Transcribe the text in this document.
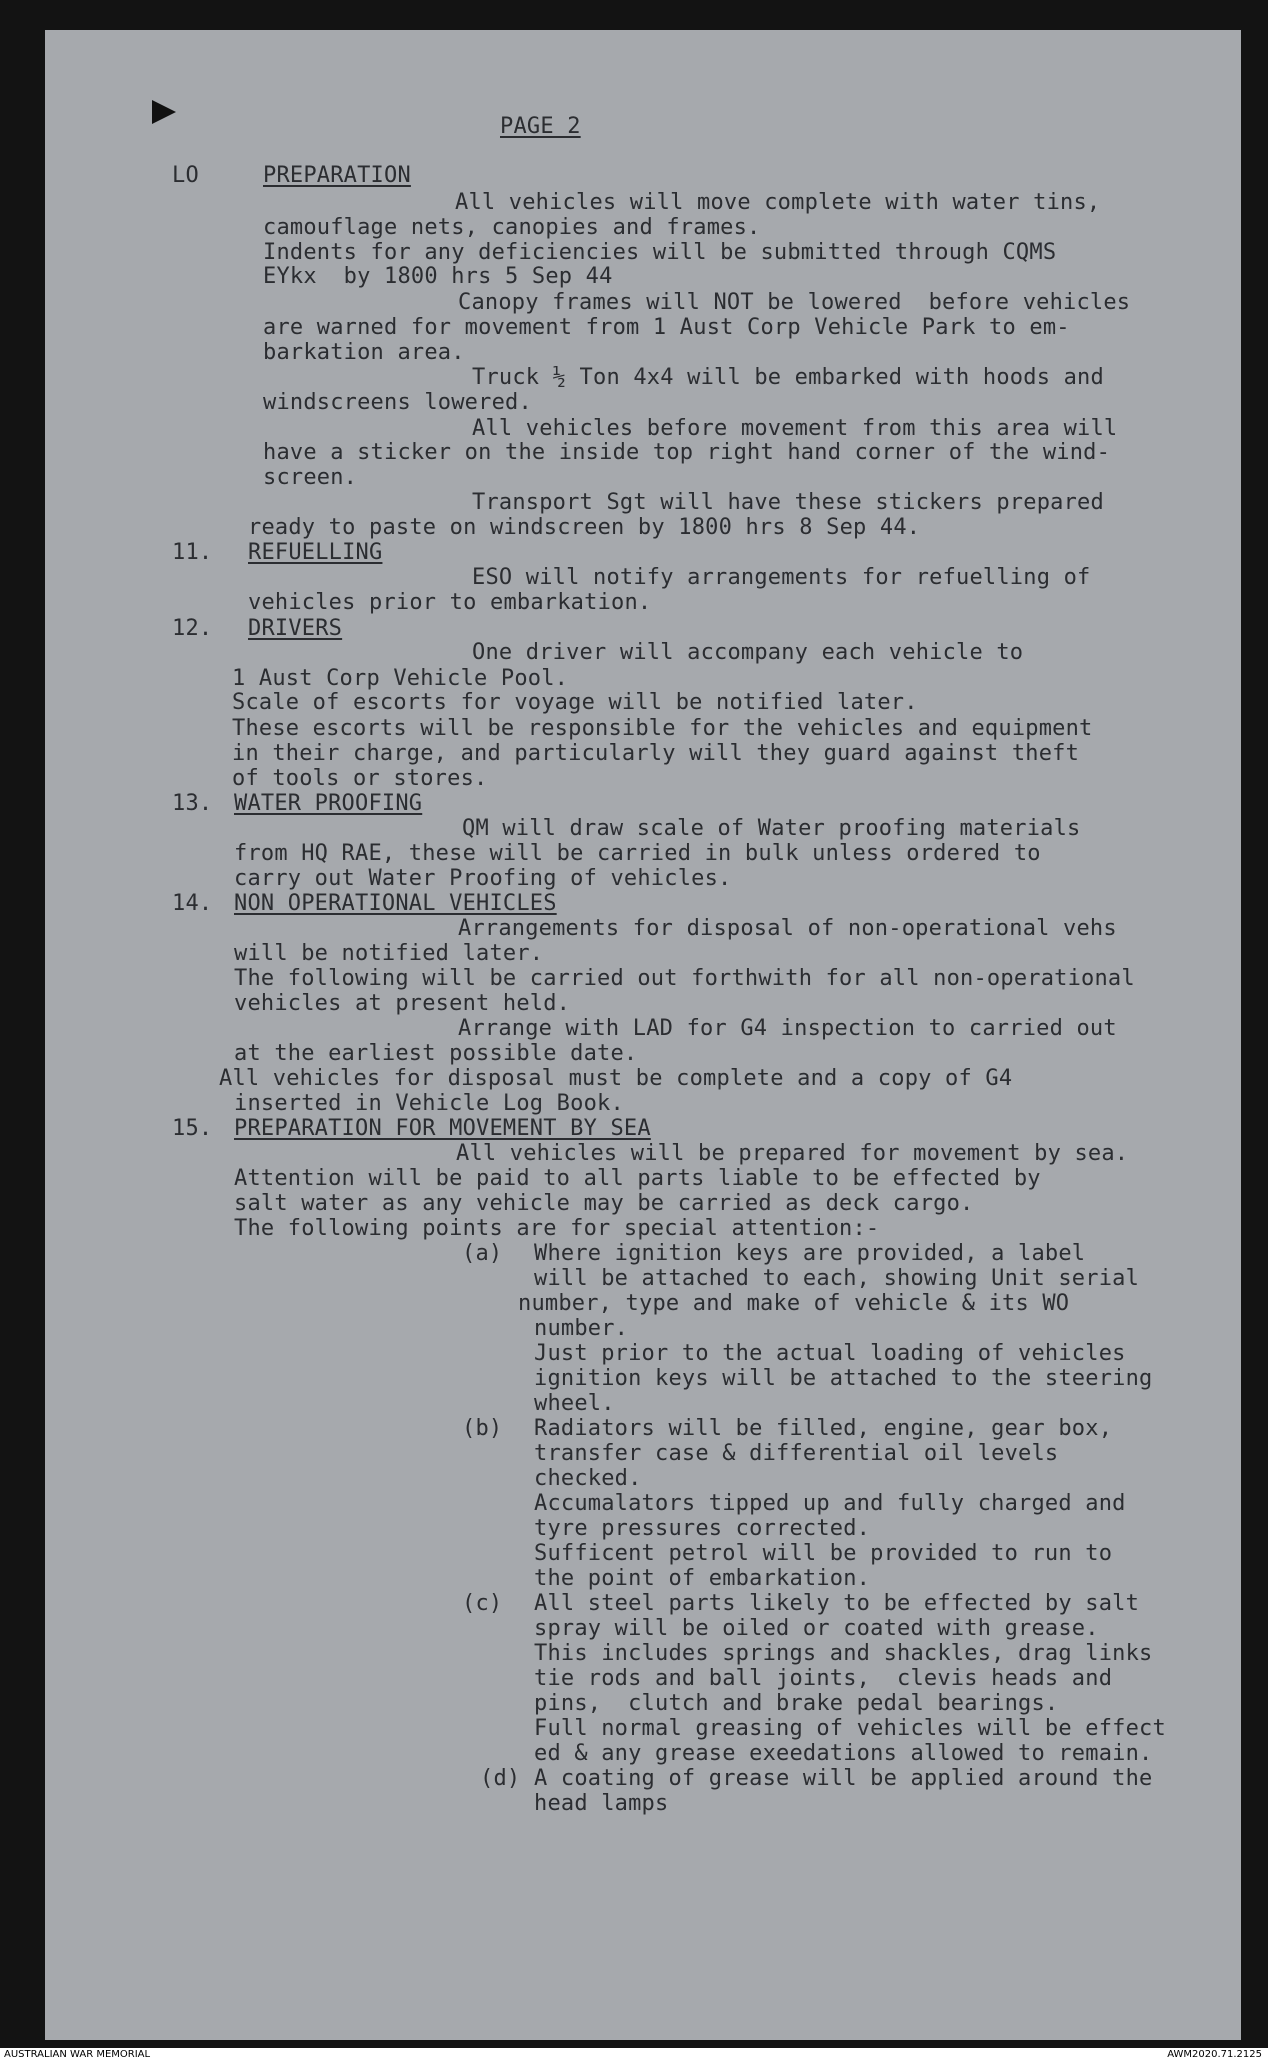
PAGE 2
LO	PREPARATION
All vehicles will move complete with water tins,
camouflage nets, canopies and frames.
Indents for any deficiencies will be submitted through CQMS
EYkx  by 1800 hrs 5 Sep 44
Canopy frames will NOT be lowered  before vehicles
are warned for movement from 1 Aust Corp Vehicle Park to em-
barkation area.
Truck ½ Ton 4x4 will be embarked with hoods and
windscreens lowered.
All vehicles before movement from this area will
have a sticker on the inside top right hand corner of the wind-
screen.
Transport Sgt will have these stickers prepared
ready to paste on windscreen by 1800 hrs 8 Sep 44.
11. REFUELLING
ESO will notify arrangements for refuelling of
vehicles prior to embarkation.
12. DRIVERS
One driver will accompany each vehicle to
1 Aust Corp Vehicle Pool.
Scale of escorts for voyage will be notified later.
These escorts will be responsible for the vehicles and equipment
in their charge, and particularly will they guard against theft
of tools or stores.
13. WATER PROOFING
QM will draw scale of Water proofing materials
from HQ RAE, these will be carried in bulk unless ordered to
carry out Water Proofing of vehicles.
14. NON OPERATIONAL VEHICLES
Arrangements for disposal of non-operational vehs
will be notified later.
The following will be carried out forthwith for all non-operational
vehicles at present held.
Arrange with LAD for G4 inspection to carried out
at the earliest possible date.
All vehicles for disposal must be complete and a copy of G4
inserted in Vehicle Log Book.
15. PREPARATION FOR MOVEMENT BY SEA
All vehicles will be prepared for movement by sea.
Attention will be paid to all parts liable to be effected by
salt water as any vehicle may be carried as deck cargo.
The following points are for special attention:-
(a) Where ignition keys are provided, a label
will be attached to each, showing Unit serial
number, type and make of vehicle & its WO
number.
Just prior to the actual loading of vehicles
ignition keys will be attached to the steering
wheel.
(b) Radiators will be filled, engine, gear box,
transfer case & differential oil levels
checked.
Accumalators tipped up and fully charged and
tyre pressures corrected.
Sufficent petrol will be provided to run to
the point of embarkation.
(c) All steel parts likely to be effected by salt
spray will be oiled or coated with grease.
This includes springs and shackles, drag links
tie rods and ball joints,  clevis heads and
pins,  clutch and brake pedal bearings.
Full normal greasing of vehicles will be effect
ed & any grease exeedations allowed to remain.
(d) A coating of grease will be applied around the
head lamps
AUSTRALIAN WAR MEMORIAL	AWM2020.71.2125
